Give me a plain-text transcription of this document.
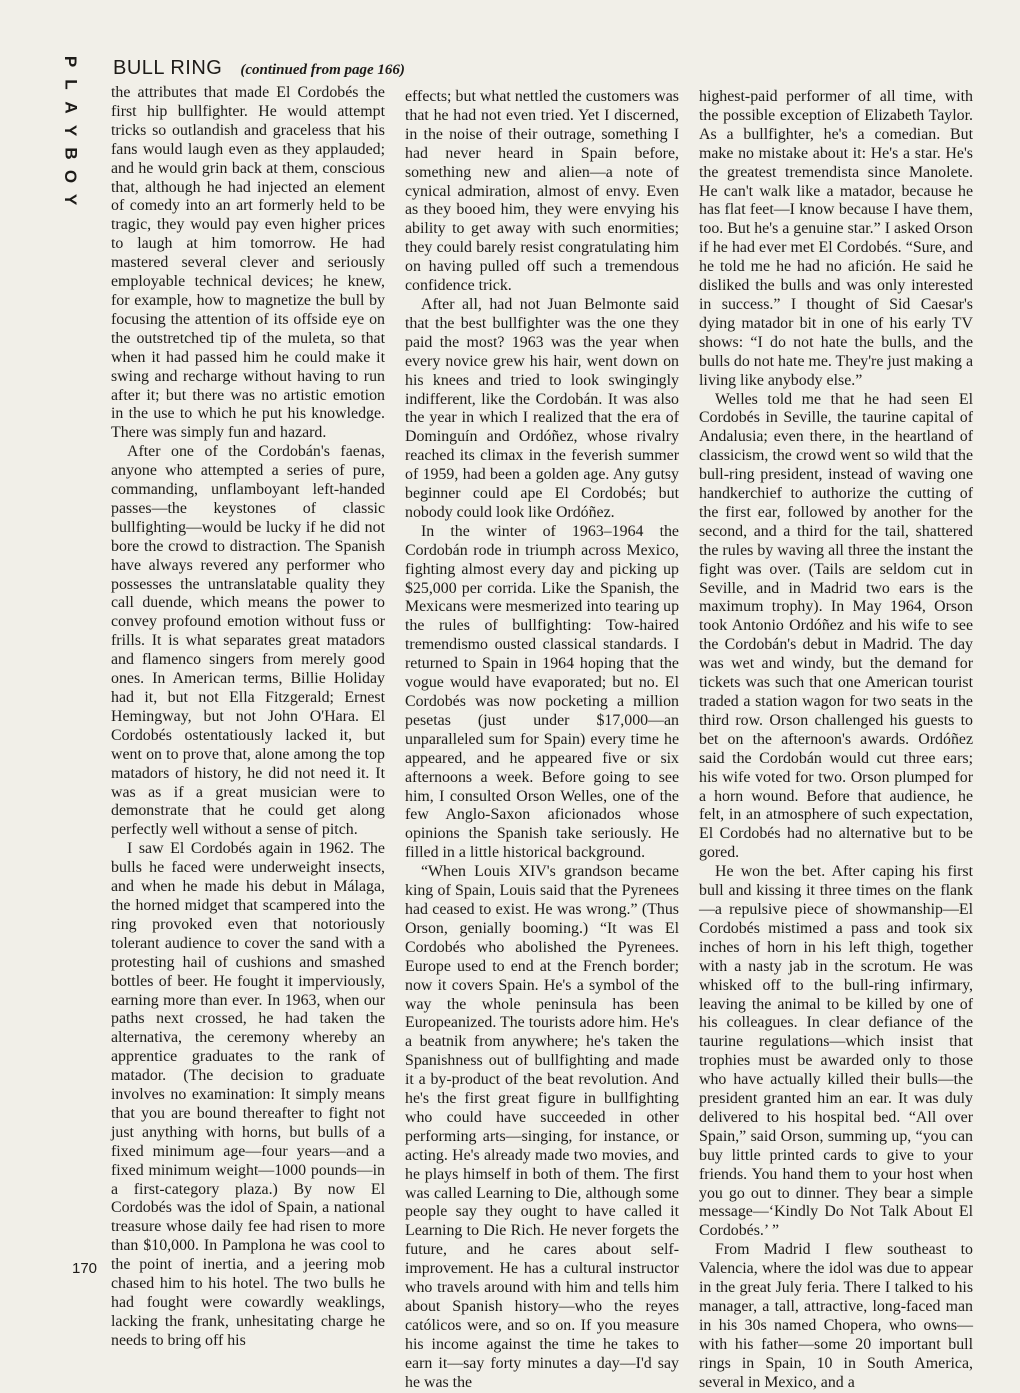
P
L
A
Y
B
O
Y
BULL RING (continued from page 166)

the attributes that made El Cordobés the first hip bullfighter. He would attempt tricks so outlandish and graceless that his fans would laugh even as they applauded; and he would grin back at them, conscious that, although he had injected an element of comedy into an art formerly held to be tragic, they would pay even higher prices to laugh at him tomorrow. He had mastered several clever and seriously employable technical devices; he knew, for example, how to magnetize the bull by focusing the attention of its offside eye on the outstretched tip of the muleta, so that when it had passed him he could make it swing and recharge without having to run after it; but there was no artistic emotion in the use to which he put his knowledge. There was simply fun and hazard.

After one of the Cordobán's faenas, anyone who attempted a series of pure, commanding, unflamboyant left-handed passes—the keystones of classic bullfighting—would be lucky if he did not bore the crowd to distraction. The Spanish have always revered any performer who possesses the untranslatable quality they call duende, which means the power to convey profound emotion without fuss or frills. It is what separates great matadors and flamenco singers from merely good ones. In American terms, Billie Holiday had it, but not Ella Fitzgerald; Ernest Hemingway, but not John O'Hara. El Cordobés ostentatiously lacked it, but went on to prove that, alone among the top matadors of history, he did not need it. It was as if a great musician were to demonstrate that he could get along perfectly well without a sense of pitch.

I saw El Cordobés again in 1962. The bulls he faced were underweight insects, and when he made his debut in Málaga, the horned midget that scampered into the ring provoked even that notoriously tolerant audience to cover the sand with a protesting hail of cushions and smashed bottles of beer. He fought it imperviously, earning more than ever. In 1963, when our paths next crossed, he had taken the alternativa, the ceremony whereby an apprentice graduates to the rank of matador. (The decision to graduate involves no examination: It simply means that you are bound thereafter to fight not just anything with horns, but bulls of a fixed minimum age—four years—and a fixed minimum weight—1000 pounds—in a first-category plaza.) By now El Cordobés was the idol of Spain, a national treasure whose daily fee had risen to more than $10,000. In Pamplona he was cool to the point of inertia, and a jeering mob chased him to his hotel. The two bulls he had fought were cowardly weaklings, lacking the frank, unhesitating charge he needs to bring off his

effects; but what nettled the customers was that he had not even tried. Yet I discerned, in the noise of their outrage, something I had never heard in Spain before, something new and alien—a note of cynical admiration, almost of envy. Even as they booed him, they were envying his ability to get away with such enormities; they could barely resist congratulating him on having pulled off such a tremendous confidence trick.

After all, had not Juan Belmonte said that the best bullfighter was the one they paid the most? 1963 was the year when every novice grew his hair, went down on his knees and tried to look swingingly indifferent, like the Cordobán. It was also the year in which I realized that the era of Dominguín and Ordóñez, whose rivalry reached its climax in the feverish summer of 1959, had been a golden age. Any gutsy beginner could ape El Cordobés; but nobody could look like Ordóñez.

In the winter of 1963–1964 the Cordobán rode in triumph across Mexico, fighting almost every day and picking up $25,000 per corrida. Like the Spanish, the Mexicans were mesmerized into tearing up the rules of bullfighting: Tow-haired tremendismo ousted classical standards. I returned to Spain in 1964 hoping that the vogue would have evaporated; but no. El Cordobés was now pocketing a million pesetas (just under $17,000—an unparalleled sum for Spain) every time he appeared, and he appeared five or six afternoons a week. Before going to see him, I consulted Orson Welles, one of the few Anglo-Saxon aficionados whose opinions the Spanish take seriously. He filled in a little historical background.

“When Louis XIV's grandson became king of Spain, Louis said that the Pyrenees had ceased to exist. He was wrong.” (Thus Orson, genially booming.) “It was El Cordobés who abolished the Pyrenees. Europe used to end at the French border; now it covers Spain. He's a symbol of the way the whole peninsula has been Europeanized. The tourists adore him. He's a beatnik from anywhere; he's taken the Spanishness out of bullfighting and made it a by-product of the beat revolution. And he's the first great figure in bullfighting who could have succeeded in other performing arts—singing, for instance, or acting. He's already made two movies, and he plays himself in both of them. The first was called Learning to Die, although some people say they ought to have called it Learning to Die Rich. He never forgets the future, and he cares about self-improvement. He has a cultural instructor who travels around with him and tells him about Spanish history—who the reyes católicos were, and so on. If you measure his income against the time he takes to earn it—say forty minutes a day—I'd say he was the

highest-paid performer of all time, with the possible exception of Elizabeth Taylor. As a bullfighter, he's a comedian. But make no mistake about it: He's a star. He's the greatest tremendista since Manolete. He can't walk like a matador, because he has flat feet—I know because I have them, too. But he's a genuine star.” I asked Orson if he had ever met El Cordobés. “Sure, and he told me he had no afición. He said he disliked the bulls and was only interested in success.” I thought of Sid Caesar's dying matador bit in one of his early TV shows: “I do not hate the bulls, and the bulls do not hate me. They're just making a living like anybody else.”

Welles told me that he had seen El Cordobés in Seville, the taurine capital of Andalusia; even there, in the heartland of classicism, the crowd went so wild that the bull-ring president, instead of waving one handkerchief to authorize the cutting of the first ear, followed by another for the second, and a third for the tail, shattered the rules by waving all three the instant the fight was over. (Tails are seldom cut in Seville, and in Madrid two ears is the maximum trophy). In May 1964, Orson took Antonio Ordóñez and his wife to see the Cordobán's debut in Madrid. The day was wet and windy, but the demand for tickets was such that one American tourist traded a station wagon for two seats in the third row. Orson challenged his guests to bet on the afternoon's awards. Ordóñez said the Cordobán would cut three ears; his wife voted for two. Orson plumped for a horn wound. Before that audience, he felt, in an atmosphere of such expectation, El Cordobés had no alternative but to be gored.

He won the bet. After caping his first bull and kissing it three times on the flank—a repulsive piece of showmanship—El Cordobés mistimed a pass and took six inches of horn in his left thigh, together with a nasty jab in the scrotum. He was whisked off to the bull-ring infirmary, leaving the animal to be killed by one of his colleagues. In clear defiance of the taurine regulations—which insist that trophies must be awarded only to those who have actually killed their bulls—the president granted him an ear. It was duly delivered to his hospital bed. “All over Spain,” said Orson, summing up, “you can buy little printed cards to give to your friends. You hand them to your host when you go out to dinner. They bear a simple message—‘Kindly Do Not Talk About El Cordobés.’ ”

From Madrid I flew southeast to Valencia, where the idol was due to appear in the great July feria. There I talked to his manager, a tall, attractive, long-faced man in his 30s named Chopera, who owns—with his father—some 20 important bull rings in Spain, 10 in South America, several in Mexico, and a

170
